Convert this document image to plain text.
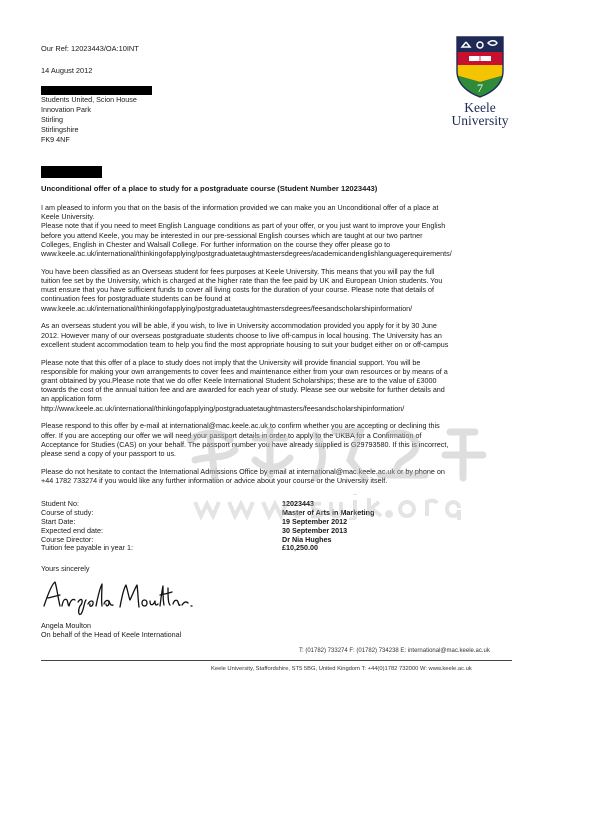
Our Ref: 12023443/OA:10INT
14 August 2012
Students United, Scion House
Innovation Park
Stirling
Stirlingshire
FK9 4NF
7
Keele
University
Unconditional offer of a place to study for a postgraduate course (Student Number 12023443)

I am pleased to inform you that on the basis of the information provided we can make you an Unconditional offer of a place at
Keele University.
Please note that if you need to meet English Language conditions as part of your offer, or you just want to improve your English
before you attend Keele, you may be interested in our pre-sessional English courses which are taught at our two partner
Colleges, English in Chester and Walsall College. For further information on the course they offer please go to
www.keele.ac.uk/international/thinkingofapplying/postgraduatetaughtmastersdegrees/academicandenglishlanguagerequirements/

You have been classified as an Overseas student for fees purposes at Keele University. This means that you will pay the full
tuition fee set by the University, which is charged at the higher rate than the fee paid by UK and European Union students. You
must ensure that you have sufficient funds to cover all living costs for the duration of your course. Please note that details of
continuation fees for postgraduate students can be found at
www.keele.ac.uk/international/thinkingofapplying/postgraduatetaughtmastersdegrees/feesandscholarshipinformation/

As an overseas student you will be able, if you wish, to live in University accommodation provided you apply for it by 30 June
2012. However many of our overseas postgraduate students choose to live off-campus in local housing. The University has an
excellent student accommodation team to help you find the most appropriate housing to suit your budget either on or off-campus

Please note that this offer of a place to study does not imply that the University will provide financial support. You will be
responsible for making your own arrangements to cover fees and maintenance either from your own resources or by means of a
grant obtained by you.Please note that we do offer Keele International Student Scholarships; these are to the value of £3000
towards the cost of the annual tuition fee and are awarded for each year of study. Please see our website for further details and
an application form
http://www.keele.ac.uk/international/thinkingofapplying/postgraduatetaughtmasters/feesandscholarshipinformation/

Please respond to this offer by e-mail at international@mac.keele.ac.uk to confirm whether you are accepting or declining this
offer. If you are accepting our offer we will need your passport details in order to apply to the UKBA for a Confirmation of
Acceptance for Studies (CAS) on your behalf. The passport number you have already supplied is G29793580. If this is incorrect,
please send a copy of your passport to us.

Please do not hesitate to contact the International Admissions Office by email at international@mac.keele.ac.uk or by phone on
+44 1782 733274 if you would like any further information or advice about your course or the University itself.

Student No:	12023443
Course of study:	Master of Arts in Marketing
Start Date:	19 September 2012
Expected end date:	30 September 2013
Course Director:	Dr Nia Hughes
Tuition fee payable in year 1:	£10,250.00
Yours sincerely
Angela Moulton
On behalf of the Head of Keele International
T: (01782) 733274 F: (01782) 734238 E: international@mac.keele.ac.uk
Keele University, Staffordshire, ST5 5BG, United Kingdom T: +44(0)1782 732000 W: www.keele.ac.uk
